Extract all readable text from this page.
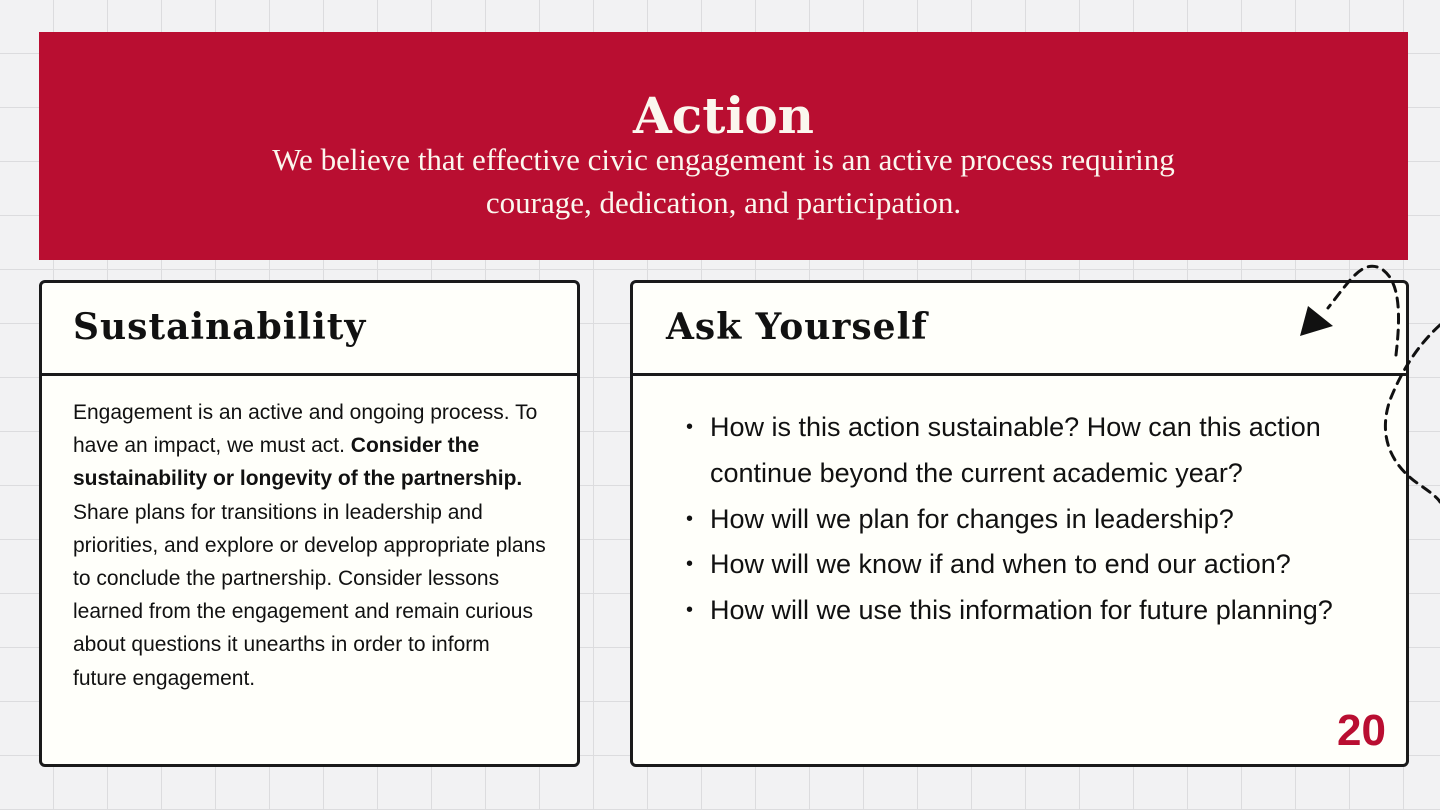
Action
We believe that effective civic engagement is an active process requiring courage, dedication, and participation.
Sustainability
Engagement is an active and ongoing process. To have an impact, we must act. Consider the sustainability or longevity of the partnership. Share plans for transitions in leadership and priorities, and explore or develop appropriate plans to conclude the partnership. Consider lessons learned from the engagement and remain curious about questions it unearths in order to inform future engagement.
Ask Yourself
• How is this action sustainable? How can this action continue beyond the current academic year?
• How will we plan for changes in leadership?
• How will we know if and when to end our action?
• How will we use this information for future planning?
20
